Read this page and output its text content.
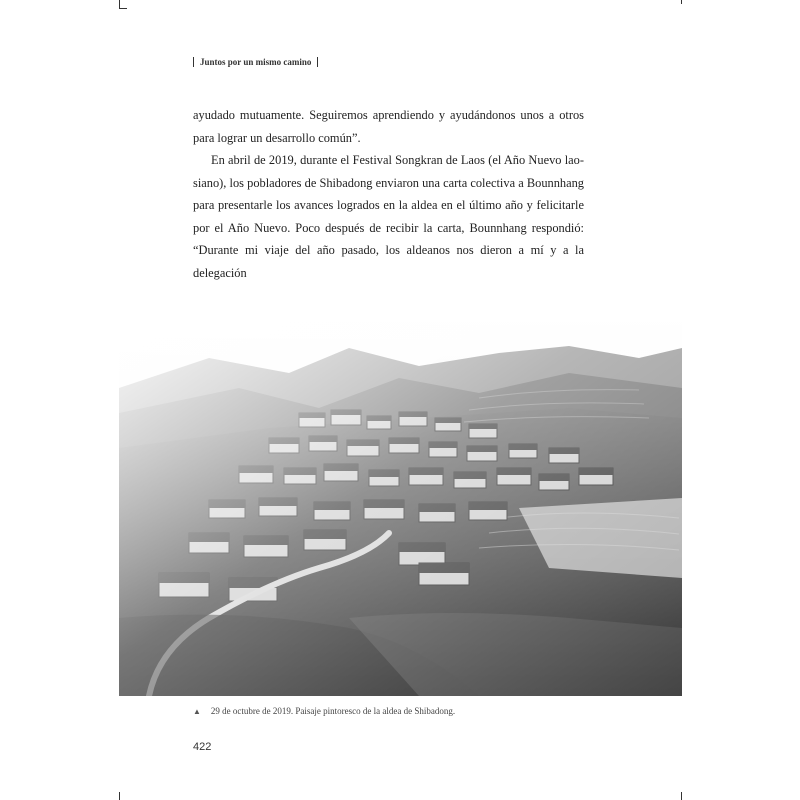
Juntos por un mismo camino

ayudado mutuamente. Seguiremos aprendiendo y ayudándonos unos a otros

para lograr un desarrollo común”.

En abril de 2019, durante el Festival Songkran de Laos (el Año Nuevo lao-

siano), los pobladores de Shibadong enviaron una carta colectiva a Bounnhang

para presentarle los avances logrados en la aldea en el último año y felicitarle

por el Año Nuevo. Poco después de recibir la carta, Bounnhang respondió:

“Durante mi viaje del año pasado, los aldeanos nos dieron a mí y a la delegación

▲ 29 de octubre de 2019. Paisaje pintoresco de la aldea de Shibadong.
422
